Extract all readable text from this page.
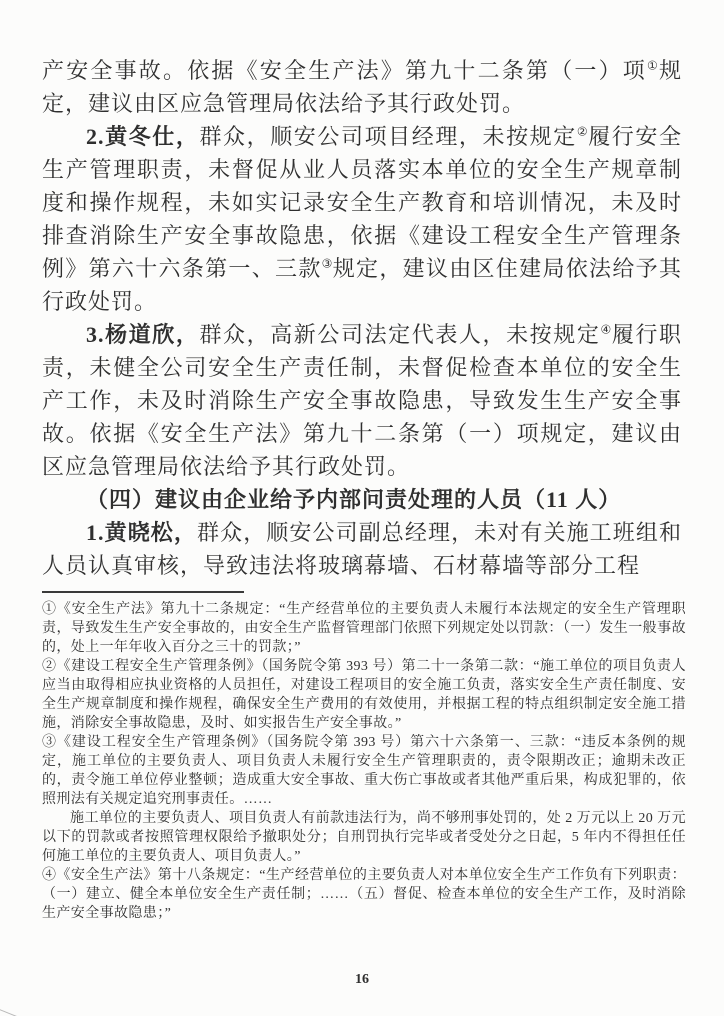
产安全事故。依据《安全生产法》第九十二条第（一）项①规定，建议由区应急管理局依法给予其行政处罚。

2.黄冬仕，群众，顺安公司项目经理，未按规定②履行安全生产管理职责，未督促从业人员落实本单位的安全生产规章制度和操作规程，未如实记录安全生产教育和培训情况，未及时排查消除生产安全事故隐患，依据《建设工程安全生产管理条例》第六十六条第一、三款③规定，建议由区住建局依法给予其行政处罚。

3.杨道欣，群众，高新公司法定代表人，未按规定④履行职责，未健全公司安全生产责任制，未督促检查本单位的安全生产工作，未及时消除生产安全事故隐患，导致发生生产安全事故。依据《安全生产法》第九十二条第（一）项规定，建议由区应急管理局依法给予其行政处罚。

（四）建议由企业给予内部问责处理的人员（11 人）

1.黄晓松，群众，顺安公司副总经理，未对有关施工班组和人员认真审核，导致违法将玻璃幕墙、石材幕墙等部分工程

①《安全生产法》第九十二条规定：“生产经营单位的主要负责人未履行本法规定的安全生产管理职责，导致发生生产安全事故的，由安全生产监督管理部门依照下列规定处以罚款：（一）发生一般事故的，处上一年年收入百分之三十的罚款；”

②《建设工程安全生产管理条例》（国务院令第 393 号）第二十一条第二款：“施工单位的项目负责人应当由取得相应执业资格的人员担任，对建设工程项目的安全施工负责，落实安全生产责任制度、安全生产规章制度和操作规程，确保安全生产费用的有效使用，并根据工程的特点组织制定安全施工措施，消除安全事故隐患，及时、如实报告生产安全事故。”

③《建设工程安全生产管理条例》（国务院令第 393 号）第六十六条第一、三款：“违反本条例的规定，施工单位的主要负责人、项目负责人未履行安全生产管理职责的，责令限期改正；逾期未改正的，责令施工单位停业整顿；造成重大安全事故、重大伤亡事故或者其他严重后果，构成犯罪的，依照刑法有关规定追究刑事责任。……

施工单位的主要负责人、项目负责人有前款违法行为，尚不够刑事处罚的，处 2 万元以上 20 万元以下的罚款或者按照管理权限给予撤职处分；自刑罚执行完毕或者受处分之日起，5 年内不得担任任何施工单位的主要负责人、项目负责人。”

④《安全生产法》第十八条规定：“生产经营单位的主要负责人对本单位安全生产工作负有下列职责：（一）建立、健全本单位安全生产责任制；……（五）督促、检查本单位的安全生产工作，及时消除生产安全事故隐患；”

16
